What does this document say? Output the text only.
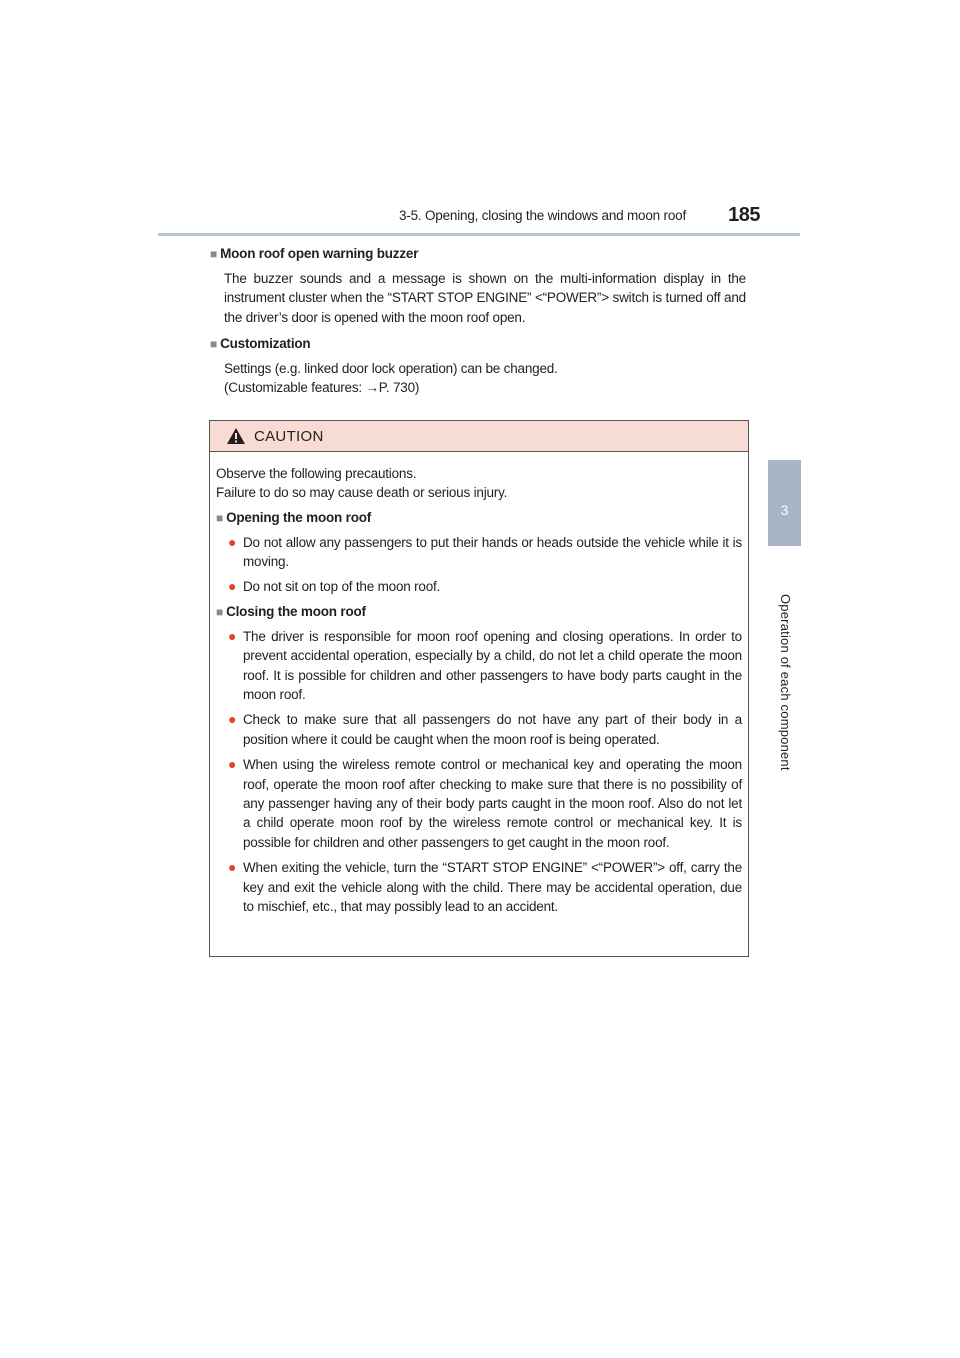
3-5. Opening, closing the windows and moon roof	185
3
Operation of each component

■ Moon roof open warning buzzer

The buzzer sounds and a message is shown on the multi-information display in the instrument cluster when the “START STOP ENGINE” <“POWER”> switch is turned off and the driver’s door is opened with the moon roof open.

■ Customization

Settings (e.g. linked door lock operation) can be changed.

(Customizable features: →P. 730)

CAUTION

Observe the following precautions.
Failure to do so may cause death or serious injury.

■ Opening the moon roof

● Do not allow any passengers to put their hands or heads outside the vehicle while it is moving.
● Do not sit on top of the moon roof.

■ Closing the moon roof

● The driver is responsible for moon roof opening and closing operations. In order to prevent accidental operation, especially by a child, do not let a child operate the moon roof. It is possible for children and other passengers to have body parts caught in the moon roof.
● Check to make sure that all passengers do not have any part of their body in a position where it could be caught when the moon roof is being operated.
● When using the wireless remote control or mechanical key and operating the moon roof, operate the moon roof after checking to make sure that there is no possibility of any passenger having any of their body parts caught in the moon roof. Also do not let a child operate moon roof by the wireless remote control or mechanical key. It is possible for children and other passengers to get caught in the moon roof.
● When exiting the vehicle, turn the “START STOP ENGINE” <“POWER”> off, carry the key and exit the vehicle along with the child. There may be accidental operation, due to mischief, etc., that may possibly lead to an accident.
